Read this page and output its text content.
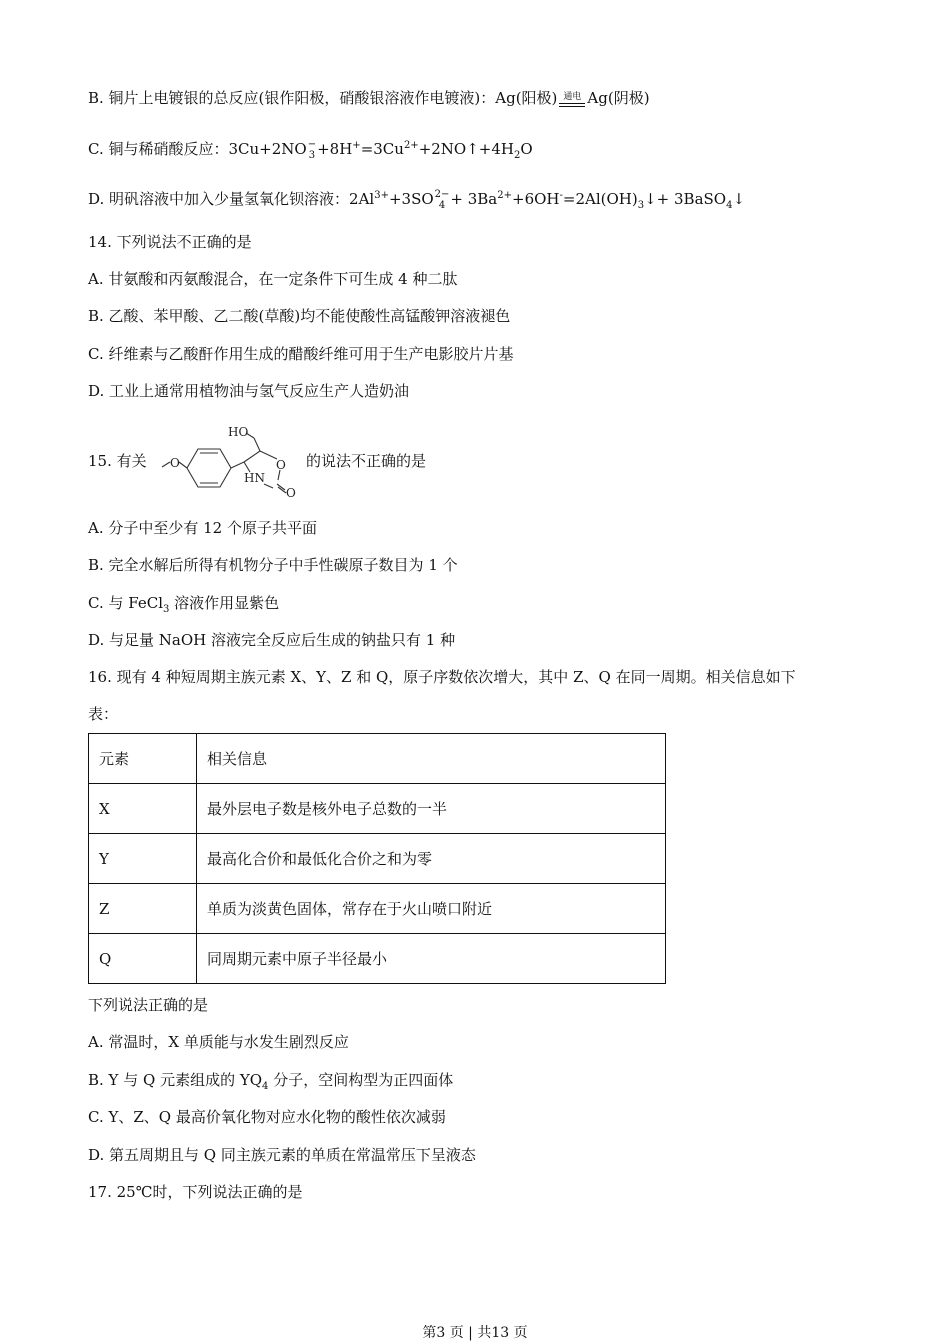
B. 铜片上电镀银的总反应(银作阳极，硝酸银溶液作电镀液)：Ag(阳极) 通电 Ag(阴极)
C. 铜与稀硝酸反应：3Cu+2NO −
$3 +8H^+=3Cu^{2+}+2NO↑+4H_2O$
D. 明矾溶液中加入少量氢氧化钡溶液：$2Al^{3+}+3SO$ 2−
$4 + 3Ba^{2+}+6OH^-=2Al(OH)_3↓+$ 3BaSO$_4$↓
14. 下列说法不正确的是
A. 甘氨酸和丙氨酸混合，在一定条件下可生成 4 种二肽
B. 乙酸、苯甲酸、乙二酸(草酸)均不能使酸性高锰酸钾溶液褪色
C. 纤维素与乙酸酐作用生成的醋酸纤维可用于生产电影胶片片基
D. 工业上通常用植物油与氢气反应生产人造奶油
15. 有关
HO
O	O
HN
O
的说法不正确的是
A. 分子中至少有 12 个原子共平面
B. 完全水解后所得有机物分子中手性碳原子数目为 1 个
C. 与 FeCl$_3$ 溶液作用显紫色
D. 与足量 NaOH 溶液完全反应后生成的钠盐只有 1 种
16. 现有 4 种短周期主族元素 X、Y、Z 和 Q，原子序数依次增大，其中 Z、Q 在同一周期。相关信息如下
表：
元素	相关信息
X	最外层电子数是核外电子总数的一半
Y	最高化合价和最低化合价之和为零
Z	单质为淡黄色固体，常存在于火山喷口附近
Q	同周期元素中原子半径最小
下列说法正确的是
A. 常温时，X 单质能与水发生剧烈反应
B. Y 与 Q 元素组成的 $YQ_4$ 分子，空间构型为正四面体
C. Y、Z、Q 最高价氧化物对应水化物的酸性依次减弱
D. 第五周期且与 Q 同主族元素的单质在常温常压下呈液态
17. 25℃时，下列说法正确的是
第3 页 | 共13 页
